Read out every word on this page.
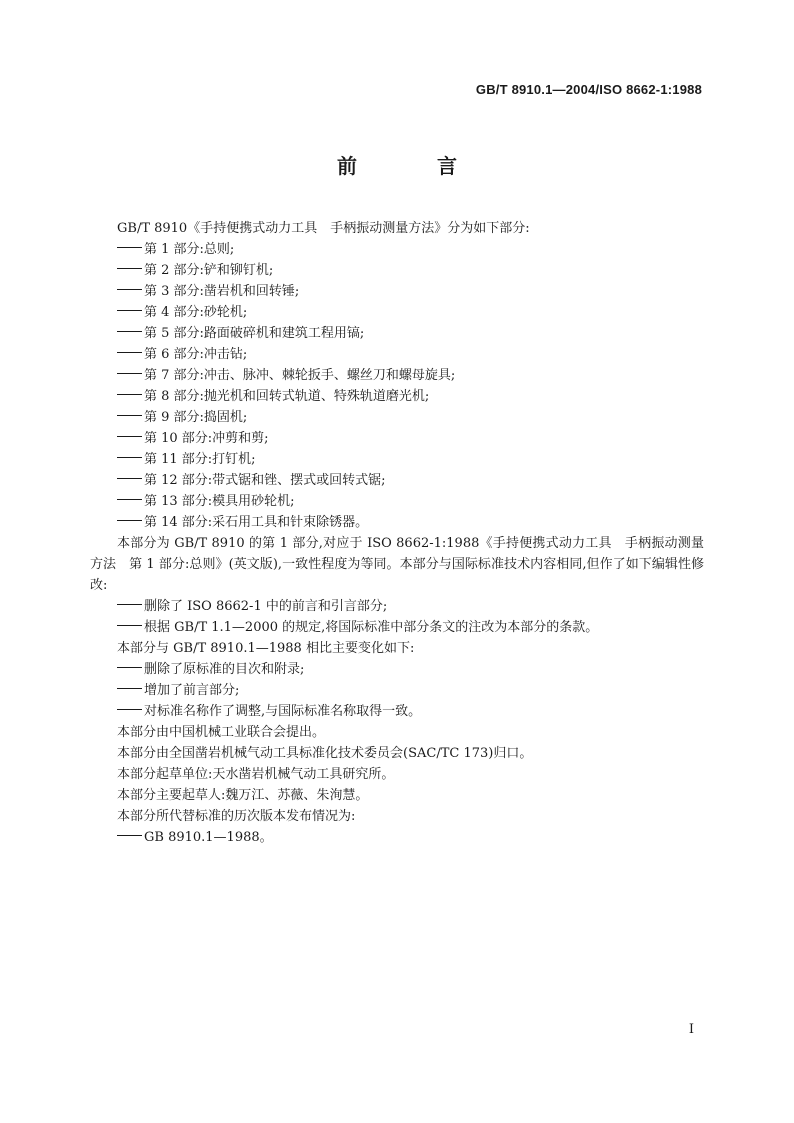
GB/T 8910.1—2004/ISO 8662-1:1988
前　言

GB/T 8910《手持便携式动力工具　手柄振动测量方法》分为如下部分:

第 1 部分:总则;

第 2 部分:铲和铆钉机;

第 3 部分:凿岩机和回转锤;

第 4 部分:砂轮机;

第 5 部分:路面破碎机和建筑工程用镐;

第 6 部分:冲击钻;

第 7 部分:冲击、脉冲、棘轮扳手、螺丝刀和螺母旋具;

第 8 部分:抛光机和回转式轨道、特殊轨道磨光机;

第 9 部分:捣固机;

第 10 部分:冲剪和剪;

第 11 部分:打钉机;

第 12 部分:带式锯和锉、摆式或回转式锯;

第 13 部分:模具用砂轮机;

第 14 部分:采石用工具和针束除锈器。

本部分为 GB/T 8910 的第 1 部分,对应于 ISO 8662-1:1988《手持便携式动力工具　手柄振动测量方法　第 1 部分:总则》(英文版),一致性程度为等同。本部分与国际标准技术内容相同,但作了如下编辑性修改:

删除了 ISO 8662-1 中的前言和引言部分;

根据 GB/T 1.1—2000 的规定,将国际标准中部分条文的注改为本部分的条款。

本部分与 GB/T 8910.1—1988 相比主要变化如下:

删除了原标准的目次和附录;

增加了前言部分;

对标准名称作了调整,与国际标准名称取得一致。

本部分由中国机械工业联合会提出。

本部分由全国凿岩机械气动工具标准化技术委员会(SAC/TC 173)归口。

本部分起草单位:天水凿岩机械气动工具研究所。

本部分主要起草人:魏万江、苏薇、朱洵慧。

本部分所代替标准的历次版本发布情况为:

GB 8910.1—1988。

I
